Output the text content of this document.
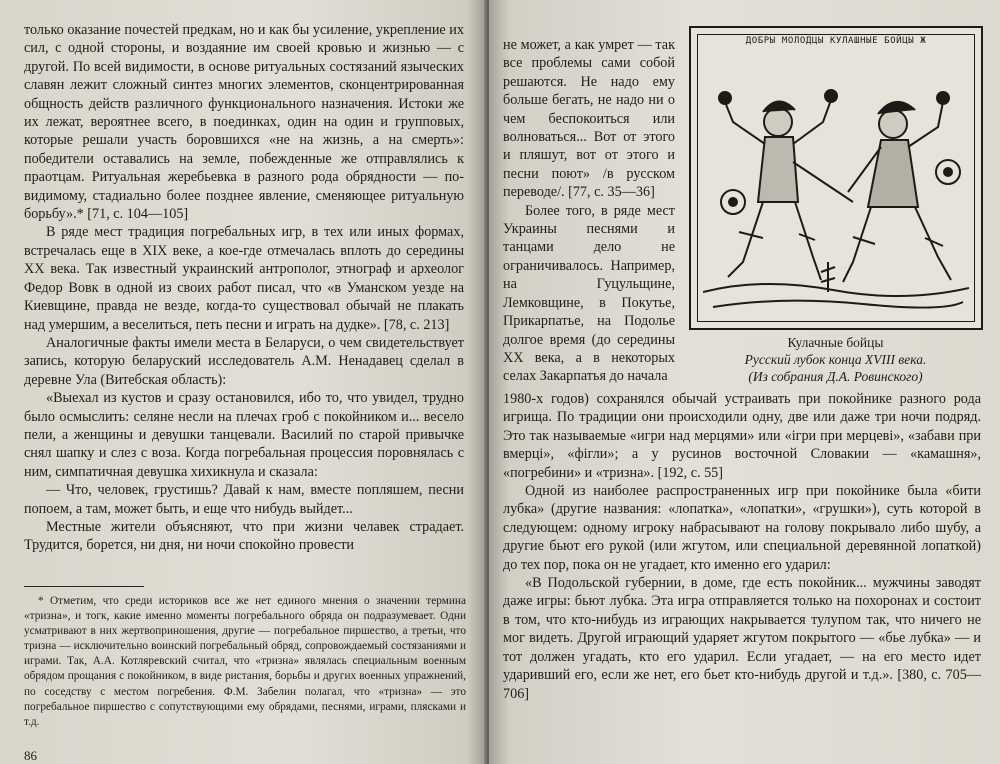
только оказание почестей предкам, но и как бы усиление, укрепление их сил, с одной стороны, и воздаяние им своей кровью и жизнью — с другой. По всей видимости, в основе ритуальных состязаний языческих славян лежит сложный синтез многих элементов, сконцентрированная общность действ различного функционального назначения. Истоки же их лежат, вероятнее всего, в поединках, один на один и групповых, которые решали участь боровшихся «не на жизнь, а на смерть»: победители оставались на земле, побежденные же отправлялись к праотцам. Ритуальная жеребьевка в разного рода обрядности — по-видимому, стадиально более позднее явление, сменяющее ритуальную борьбу».* [71, с. 104—105]

В ряде мест традиция погребальных игр, в тех или иных формах, встречалась еще в XIX веке, а кое-где отмечалась вплоть до середины XX века. Так известный украинский антрополог, этнограф и археолог Федор Вовк в одной из своих работ писал, что «в Уманском уезде на Киевщине, правда не везде, когда-то существовал обычай не плакать над умершим, а веселиться, петь песни и играть на дудке». [78, с. 213]

Аналогичные факты имели места в Беларуси, о чем свидетельствует запись, которую беларуский исследователь А.М. Ненадавец сделал в деревне Ула (Витебская область):

«Выехал из кустов и сразу остановился, ибо то, что увидел, трудно было осмыслить: селяне несли на плечах гроб с покойником и... весело пели, а женщины и девушки танцевали. Василий по старой привычке снял шапку и слез с воза. Когда погребальная процессия поровнялась с ним, симпатичная девушка хихикнула и сказала:

— Что, человек, грустишь? Давай к нам, вместе попляшем, песни попоем, а там, может быть, и еще что нибудь выйдет...

Местные жители объясняют, что при жизни челавек страдает. Трудится, борется, ни дня, ни ночи спокойно провести

* Отметим, что среди историков все же нет единого мнения о значении термина «тризна», и тогк, какие именно моменты погребального обряда он подразумевает. Одни усматривают в них жертвоприношения, другие — погребальное пиршество, а третьи, что тризна — исключительно воинский погребальный обряд, сопровождаемый состязаниями и играми. Так, А.А. Котляревский считал, что «тризна» являлась специальным военным обрядом прощания с покойником, в виде ристания, борьбы и других военных упражнений, по соседству с местом погребения. Ф.М. Забелин полагал, что «тризна» — это погребальное пиршество с сопутствующими ему обрядами, песнями, играми, плясками и т.д.

86

не может, а как умрет — так все проблемы сами собой решаются. Не надо ему больше бегать, не надо ни о чем беспокоиться или волноваться... Вот от этого и пляшут, вот от этого и песни поют» /в русском переводе/. [77, с. 35—36]

Более того, в ряде мест Украины песнями и танцами дело не ограничивалось. Например, на Гуцульщине, Лемковщине, в Покутье, Прикарпатье, на Подолье долгое время (до середины XX века, а в некоторых селах Закарпатья до начала

ДОБРЫ МОЛОДЦЫ КУЛАШНЫЕ БОЙЦЫ Ж
Кулачные бойцы
Русский лубок конца XVIII века.
(Из собрания Д.А. Ровинского)

1980-х годов) сохранялся обычай устраивать при покойнике разного рода игрища. По традиции они происходили одну, две или даже три ночи подряд. Это так называемые «игри над мерцями» или «ігри при мерцеві», «забави при вмерці», «фігли»; а у русинов восточной Словакии — «камашня», «погребини» и «тризна». [192, с. 55]

Одной из наиболее распространенных игр при покойнике была «бити лубка» (другие названия: «лопатка», «лопатки», «грушки»), суть которой в следующем: одному игроку набрасывают на голову покрывало либо шубу, а другие бьют его рукой (или жгутом, или специальной деревянной лопаткой) до тех пор, пока он не угадает, кто именно его ударил:

«В Подольской губернии, в доме, где есть покойник... мужчины заводят даже игры: бьют лубка. Эта игра отправляется только на похоронах и состоит в том, что кто-нибудь из играющих накрывается тулупом так, что ничего не мог видеть. Другой играющий ударяет жгутом покрытого — «бье лубка» — и тот должен угадать, кто его ударил. Если угадает, — на его место идет ударивший его, если же нет, его бьет кто-нибудь другой и т.д.». [380, с. 705—706]
